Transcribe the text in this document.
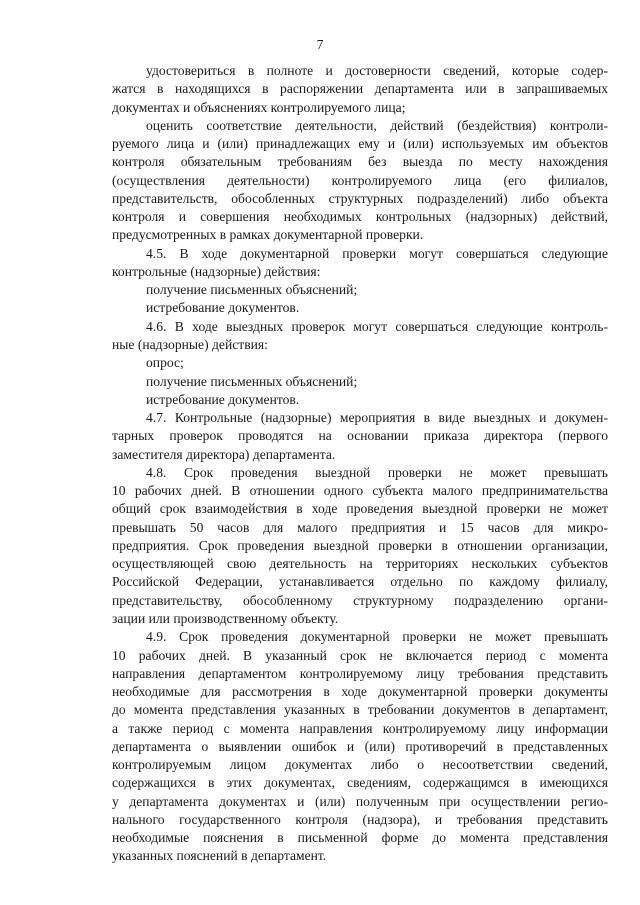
7
удостовериться в полноте и достоверности сведений, которые содер-
жатся в находящихся в распоряжении департамента или в запрашиваемых
документах и объяснениях контролируемого лица;
оценить соответствие деятельности, действий (бездействия) контроли-
руемого лица и (или) принадлежащих ему и (или) используемых им объектов
контроля обязательным требованиям без выезда по месту нахождения
(осуществления деятельности) контролируемого лица (его филиалов,
представительств, обособленных структурных подразделений) либо объекта
контроля и совершения необходимых контрольных (надзорных) действий,
предусмотренных в рамках документарной проверки.
4.5. В ходе документарной проверки могут совершаться следующие
контрольные (надзорные) действия:
получение письменных объяснений;
истребование документов.
4.6. В ходе выездных проверок могут совершаться следующие контроль-
ные (надзорные) действия:
опрос;
получение письменных объяснений;
истребование документов.
4.7. Контрольные (надзорные) мероприятия в виде выездных и докумен-
тарных проверок проводятся на основании приказа директора (первого
заместителя директора) департамента.
4.8. Срок проведения выездной проверки не может превышать
10 рабочих дней. В отношении одного субъекта малого предпринимательства
общий срок взаимодействия в ходе проведения выездной проверки не может
превышать 50 часов для малого предприятия и 15 часов для микро-
предприятия. Срок проведения выездной проверки в отношении организации,
осуществляющей свою деятельность на территориях нескольких субъектов
Российской Федерации, устанавливается отдельно по каждому филиалу,
представительству, обособленному структурному подразделению органи-
зации или производственному объекту.
4.9. Срок проведения документарной проверки не может превышать
10 рабочих дней. В указанный срок не включается период с момента
направления департаментом контролируемому лицу требования представить
необходимые для рассмотрения в ходе документарной проверки документы
до момента представления указанных в требовании документов в департамент,
а также период с момента направления контролируемому лицу информации
департамента о выявлении ошибок и (или) противоречий в представленных
контролируемым лицом документах либо о несоответствии сведений,
содержащихся в этих документах, сведениям, содержащимся в имеющихся
у департамента документах и (или) полученным при осуществлении регио-
нального государственного контроля (надзора), и требования представить
необходимые пояснения в письменной форме до момента представления
указанных пояснений в департамент.
